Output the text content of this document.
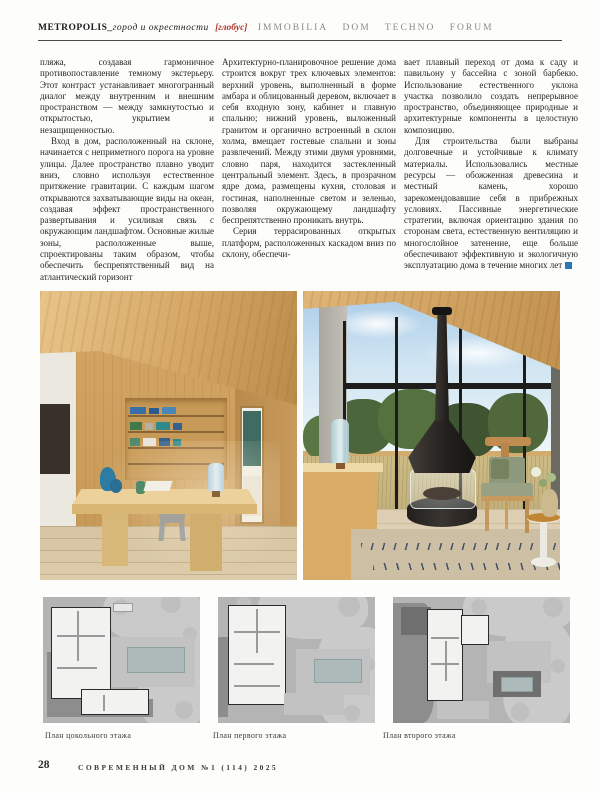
METROPOLIS_город и окрестности [глобус] IMMOBILIA DOM TECHNO FORUM

пляжа, создавая гармоничное противопоставление темному экстерьеру. Этот контраст устанавливает многогранный диалог между внутренним и внешним пространством — между замкнутостью и открытостью, укрытием и незащищенностью.

Вход в дом, расположенный на склоне, начинается с неприметного порога на уровне улицы. Далее пространство плавно уводит вниз, словно используя естественное притяжение гравитации. С каждым шагом открываются захватывающие виды на океан, создавая эффект пространственного развертывания и усиливая связь с окружающим ландшафтом. Основные жилые зоны, расположенные выше, спроектированы таким образом, чтобы обеспечить беспрепятственный вид на атлантический горизонт

Архитектурно-планировочное решение дома строится вокруг трех ключевых элементов: верхний уровень, выполненный в форме амбара и облицованный деревом, включает в себя входную зону, кабинет и главную спальню; нижний уровень, выложенный гранитом и органично встроенный в склон холма, вмещает гостевые спальни и зоны развлечений. Между этими двумя уровнями, словно паря, находится застекленный центральный элемент. Здесь, в прозрачном ядре дома, размещены кухня, столовая и гостиная, наполненные светом и зеленью, позволяя окружающему ландшафту беспрепятственно проникать внутрь.

Серия террасированных открытых платформ, расположенных каскадом вниз по склону, обеспечи-

вает плавный переход от дома к саду и павильону у бассейна с зоной барбекю. Использование естественного уклона участка позволило создать непрерывное пространство, объединяющее природные и архитектурные компоненты в целостную композицию.

Для строительства были выбраны долговечные и устойчивые к климату материалы. Использовались местные ресурсы — обожженная древесина и местный камень, хорошо зарекомендовавшие себя в прибрежных условиях. Пассивные энергетические стратегии, включая ориентацию здания по сторонам света, естественную вентиляцию и многослойное затенение, еще больше обеспечивают эффективную и экологичную эксплуатацию дома в течение многих лет

План цокольного этажа	План первого этажа	План второго этажа
28	СОВРЕМЕННЫЙ ДОМ №1 (114) 2025
